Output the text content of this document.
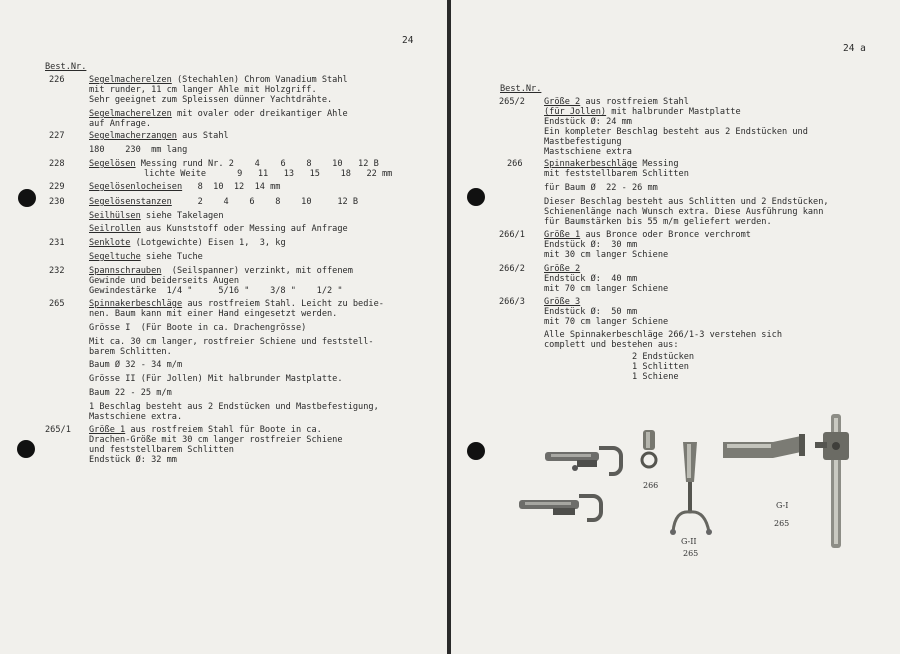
24
Best.Nr.
226	Segelmacherelzen (Stechahlen) Chrom Vanadium Stahl
mit runder, 11 cm langer Ahle mit Holzgriff.
Sehr geeignet zum Spleissen dünner Yachtdrähte.
Segelmacherelzen mit ovaler oder dreikantiger Ahle
auf Anfrage.
227	Segelmacherzangen aus Stahl
180    230  mm lang
228	Segelösen Messing rund Nr. 2    4    6    8    10   12 B
lichte Weite      9   11   13   15    18   22 mm
229	Segelösenlocheisen   8  10  12  14 mm
230	Segelösenstanzen     2    4    6    8    10     12 B
Seilhülsen siehe Takelagen
Seilrollen aus Kunststoff oder Messing auf Anfrage
231	Senklote (Lotgewichte) Eisen 1,  3, kg
Segeltuche siehe Tuche
232	Spannschrauben  (Seilspanner) verzinkt, mit offenem
Gewinde und beiderseits Augen
Gewindestärke  1/4 "     5/16 "    3/8 "    1/2 "
265	Spinnakerbeschläge aus rostfreiem Stahl. Leicht zu bedie-
nen. Baum kann mit einer Hand eingesetzt werden.
Grösse I  (Für Boote in ca. Drachengrösse)
Mit ca. 30 cm langer, rostfreier Schiene und feststell-
barem Schlitten.
Baum Ø 32 - 34 m/m
Grösse II (Für Jollen) Mit halbrunder Mastplatte.
Baum 22 - 25 m/m
1 Beschlag besteht aus 2 Endstücken und Mastbefestigung,
Mastschiene extra.
265/1 Größe 1 aus rostfreiem Stahl für Boote in ca.
Drachen-Größe mit 30 cm langer rostfreier Schiene
und feststellbarem Schlitten
Endstück Ø: 32 mm
24 a
Best.Nr.
265/2 Größe 2 aus rostfreiem Stahl
(für Jollen) mit halbrunder Mastplatte
Endstück Ø: 24 mm
Ein kompleter Beschlag besteht aus 2 Endstücken und
Mastbefestigung
Mastschiene extra
266 Spinnakerbeschläge Messing
mit feststellbarem Schlitten
für Baum Ø  22 - 26 mm
Dieser Beschlag besteht aus Schlitten und 2 Endstücken,
Schienenlänge nach Wunsch extra. Diese Ausführung kann
für Baumstärken bis 55 m/m geliefert werden.
266/1 Größe 1 aus Bronce oder Bronce verchromt
Endstück Ø:  30 mm
mit 30 cm langer Schiene
266/2 Größe 2
Endstück Ø:  40 mm
mit 70 cm langer Schiene
266/3 Größe 3
Endstück Ø:  50 mm
mit 70 cm langer Schiene
Alle Spinnakerbeschläge 266/1-3 verstehen sich
complett und bestehen aus:
2 Endstücken
1 Schlitten
1 Schiene
266
G-II
265
G-I
265
